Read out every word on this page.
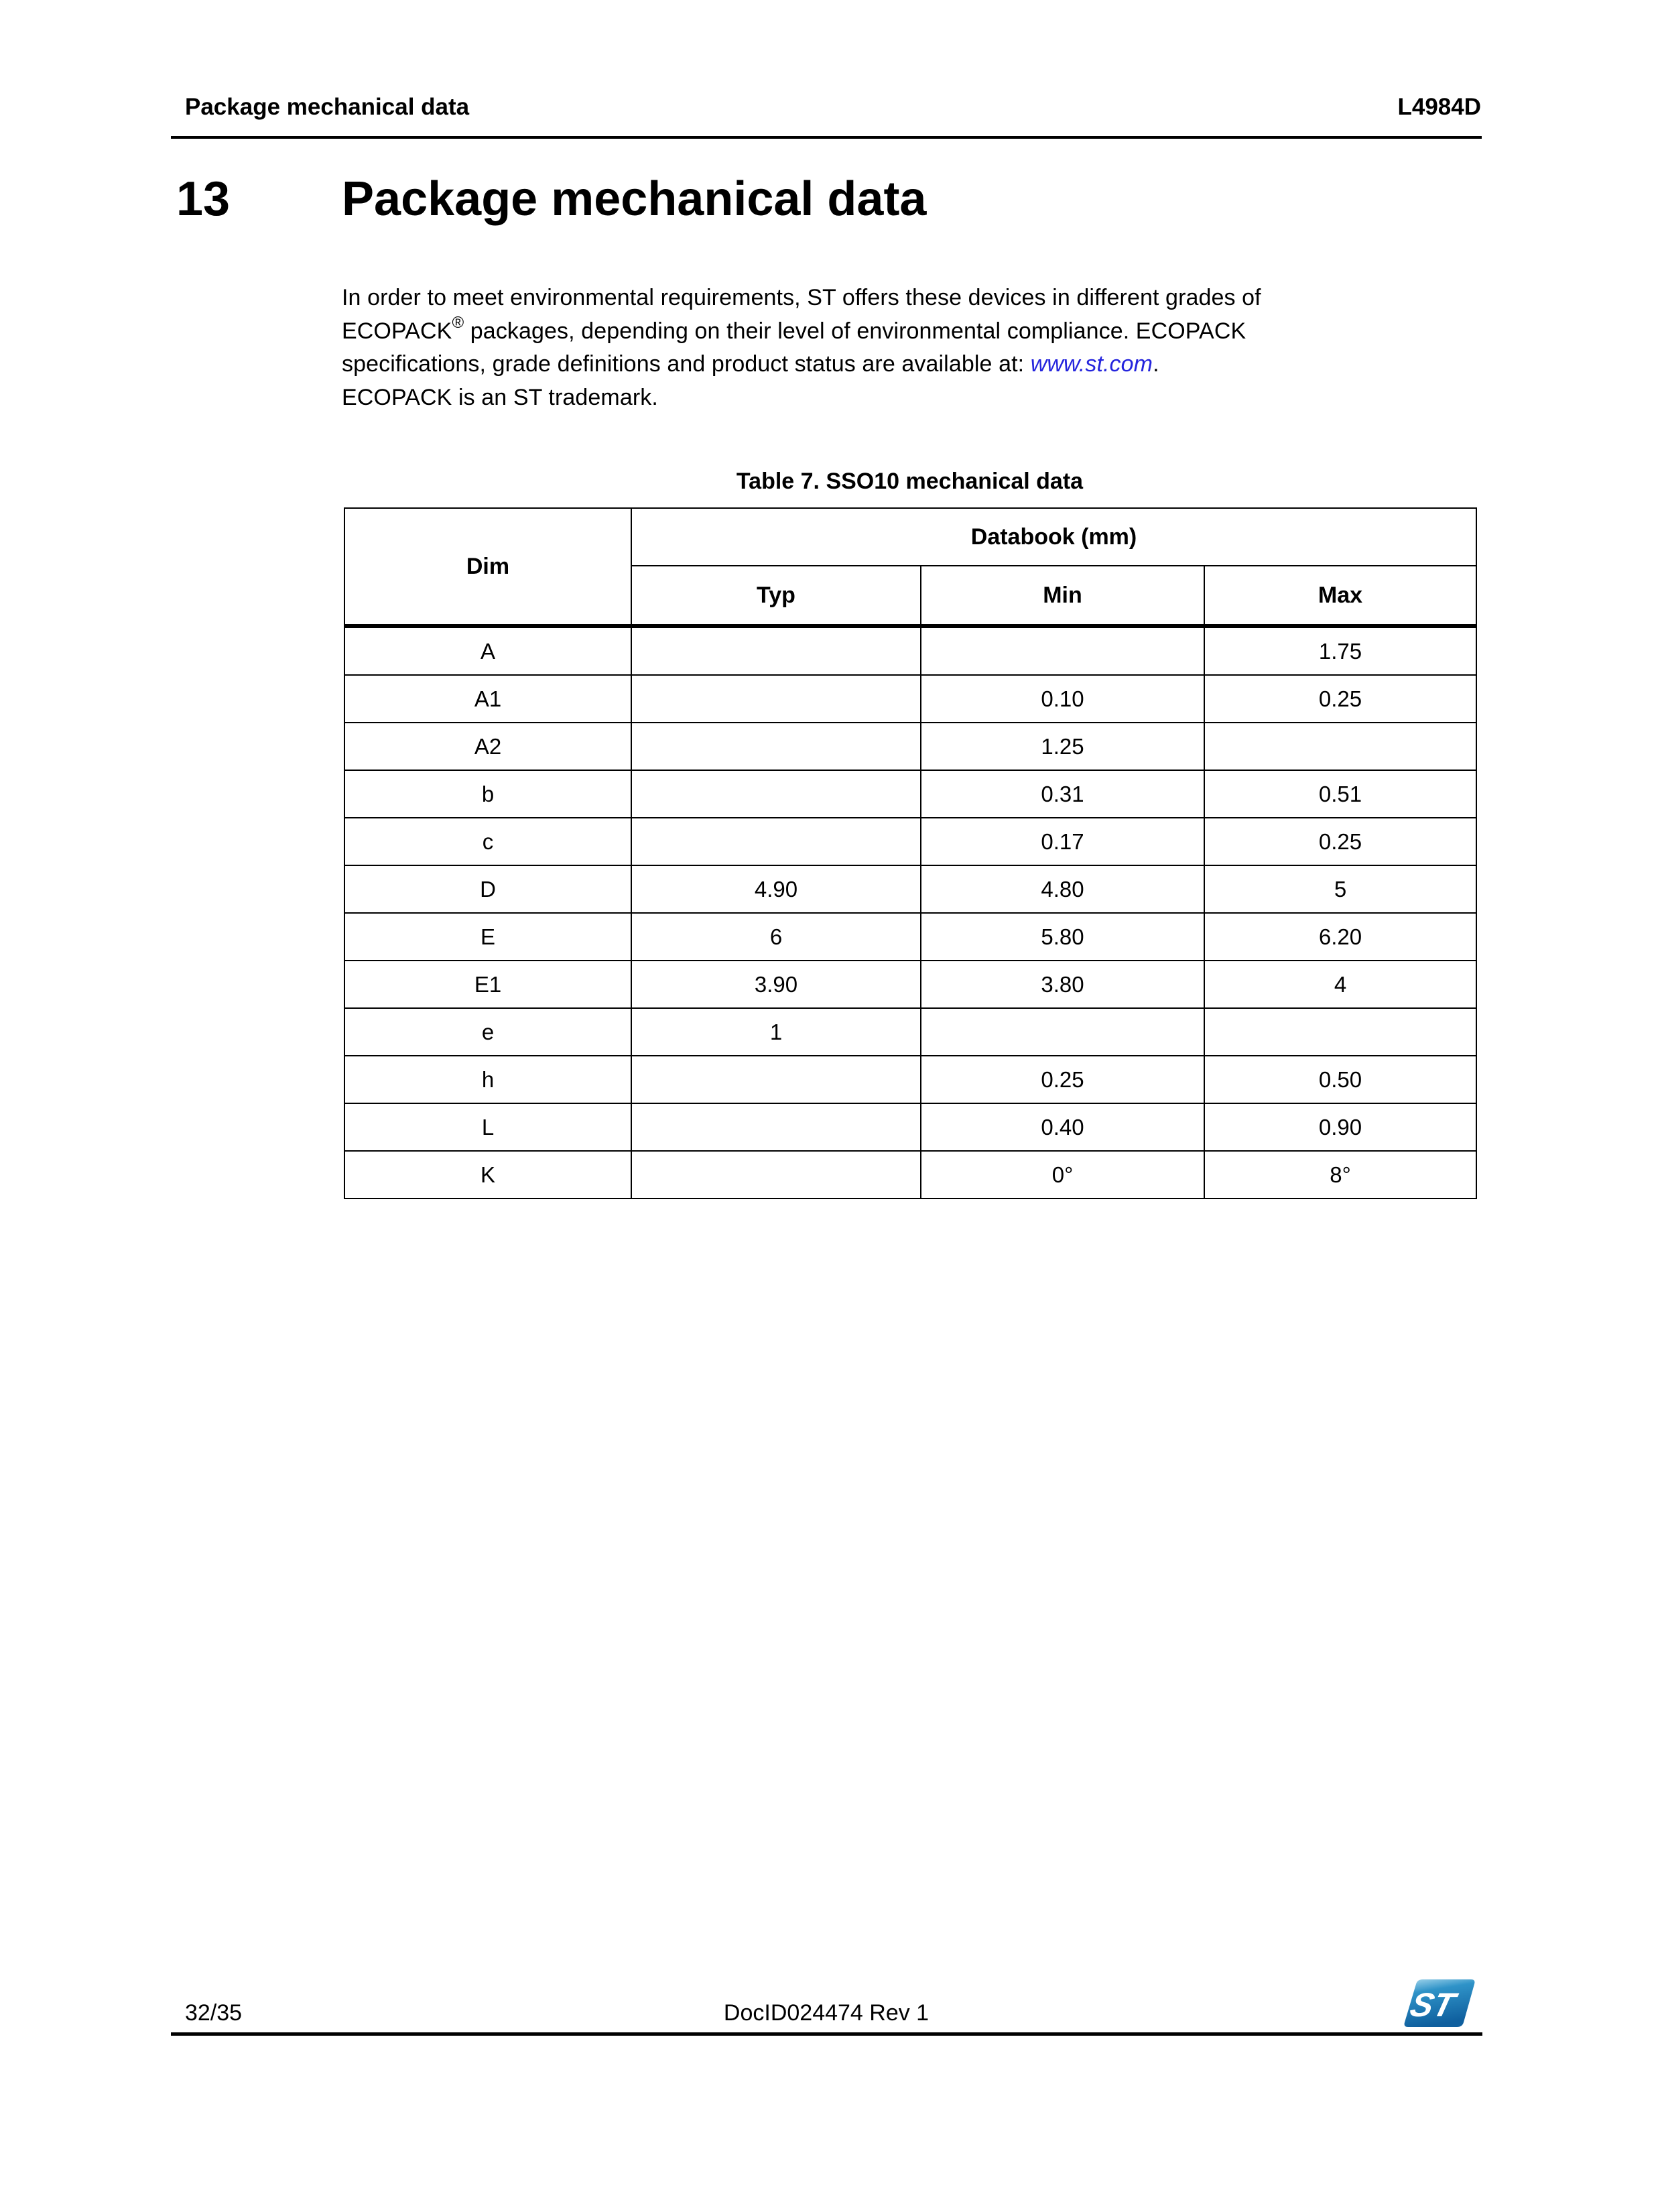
Package mechanical data	L4984D
13 Package mechanical data
In order to meet environmental requirements, ST offers these devices in different grades of
ECOPACK® packages, depending on their level of environmental compliance. ECOPACK
specifications, grade definitions and product status are available at: www.st.com.
ECOPACK is an ST trademark.
Table 7. SSO10 mechanical data
Dim	Databook (mm)		
	Typ	Min	Max
A			1.75
A1		0.10	0.25
A2		1.25	
b		0.31	0.51
c		0.17	0.25
D	4.90	4.80	5
E	6	5.80	6.20
E1	3.90	3.80	4
e	1		
h		0.25	0.50
L		0.40	0.90
K		0°	8°
32/35	DocID024474 Rev 1	ST
